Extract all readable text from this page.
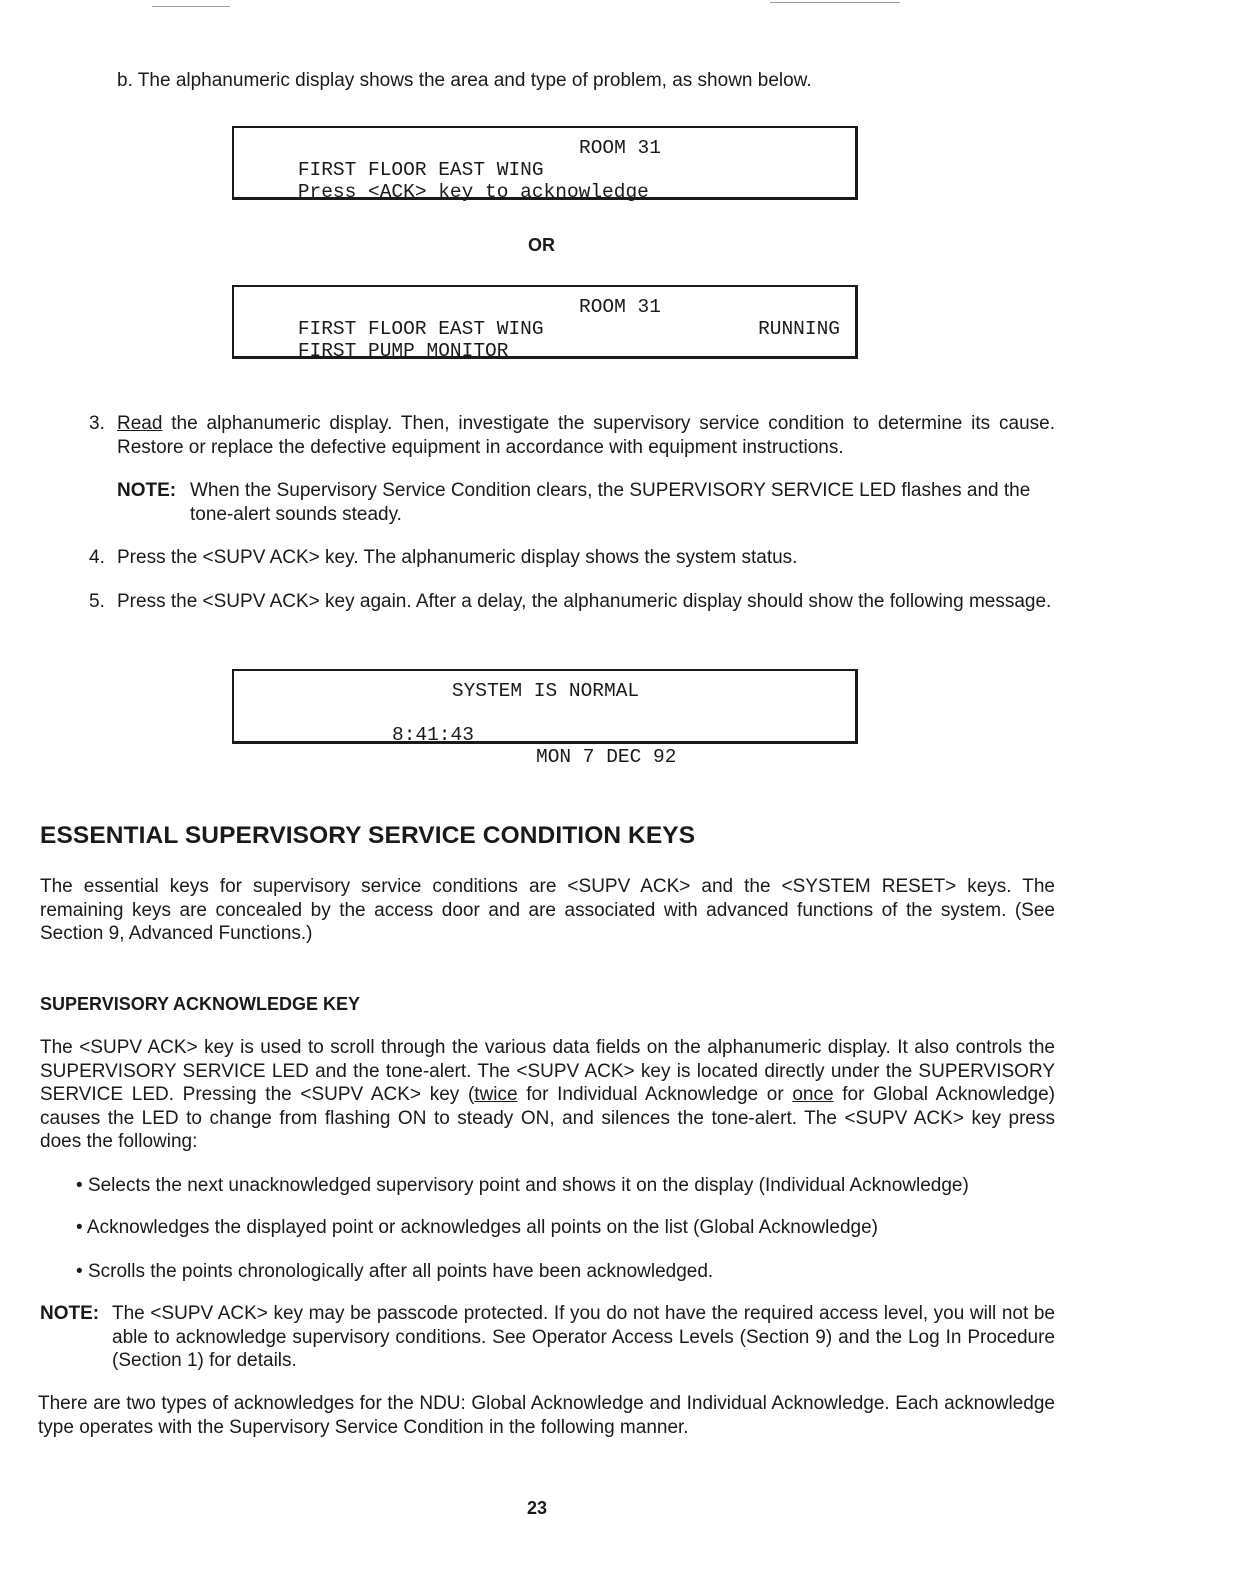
b. The alphanumeric display shows the area and type of problem, as shown below.

FIRST FLOOR EAST WING

ROOM 31

Press <ACK> key to acknowledge

OR

FIRST FLOOR EAST WING

ROOM 31

FIRST PUMP MONITOR

RUNNING

3. Read the alphanumeric display. Then, investigate the supervisory service condition to determine its cause. Restore or replace the defective equipment in accordance with equipment instructions.
NOTE: When the Supervisory Service Condition clears, the SUPERVISORY SERVICE LED flashes and the tone-alert sounds steady.
4. Press the <SUPV ACK> key. The alphanumeric display shows the system status.
5. Press the <SUPV ACK> key again. After a delay, the alphanumeric display should show the following message.
SYSTEM IS NORMAL

8:41:43

MON 7 DEC 92

ESSENTIAL SUPERVISORY SERVICE CONDITION KEYS
The essential keys for supervisory service conditions are <SUPV ACK> and the <SYSTEM RESET> keys. The remaining keys are concealed by the access door and are associated with advanced functions of the system. (See Section 9, Advanced Functions.)
SUPERVISORY ACKNOWLEDGE KEY
The <SUPV ACK> key is used to scroll through the various data fields on the alphanumeric display. It also controls the SUPERVISORY SERVICE LED and the tone-alert. The <SUPV ACK> key is located directly under the SUPERVISORY SERVICE LED. Pressing the <SUPV ACK> key (twice for Individual Acknowledge or once for Global Acknowledge) causes the LED to change from flashing ON to steady ON, and silences the tone-alert. The <SUPV ACK> key press does the following:
• Selects the next unacknowledged supervisory point and shows it on the display (Individual Acknowledge)
• Acknowledges the displayed point or acknowledges all points on the list (Global Acknowledge)
• Scrolls the points chronologically after all points have been acknowledged.
NOTE: The <SUPV ACK> key may be passcode protected. If you do not have the required access level, you will not be able to acknowledge supervisory conditions. See Operator Access Levels (Section 9) and the Log In Procedure (Section 1) for details.
There are two types of acknowledges for the NDU: Global Acknowledge and Individual Acknowledge. Each acknowledge type operates with the Supervisory Service Condition in the following manner.
23
